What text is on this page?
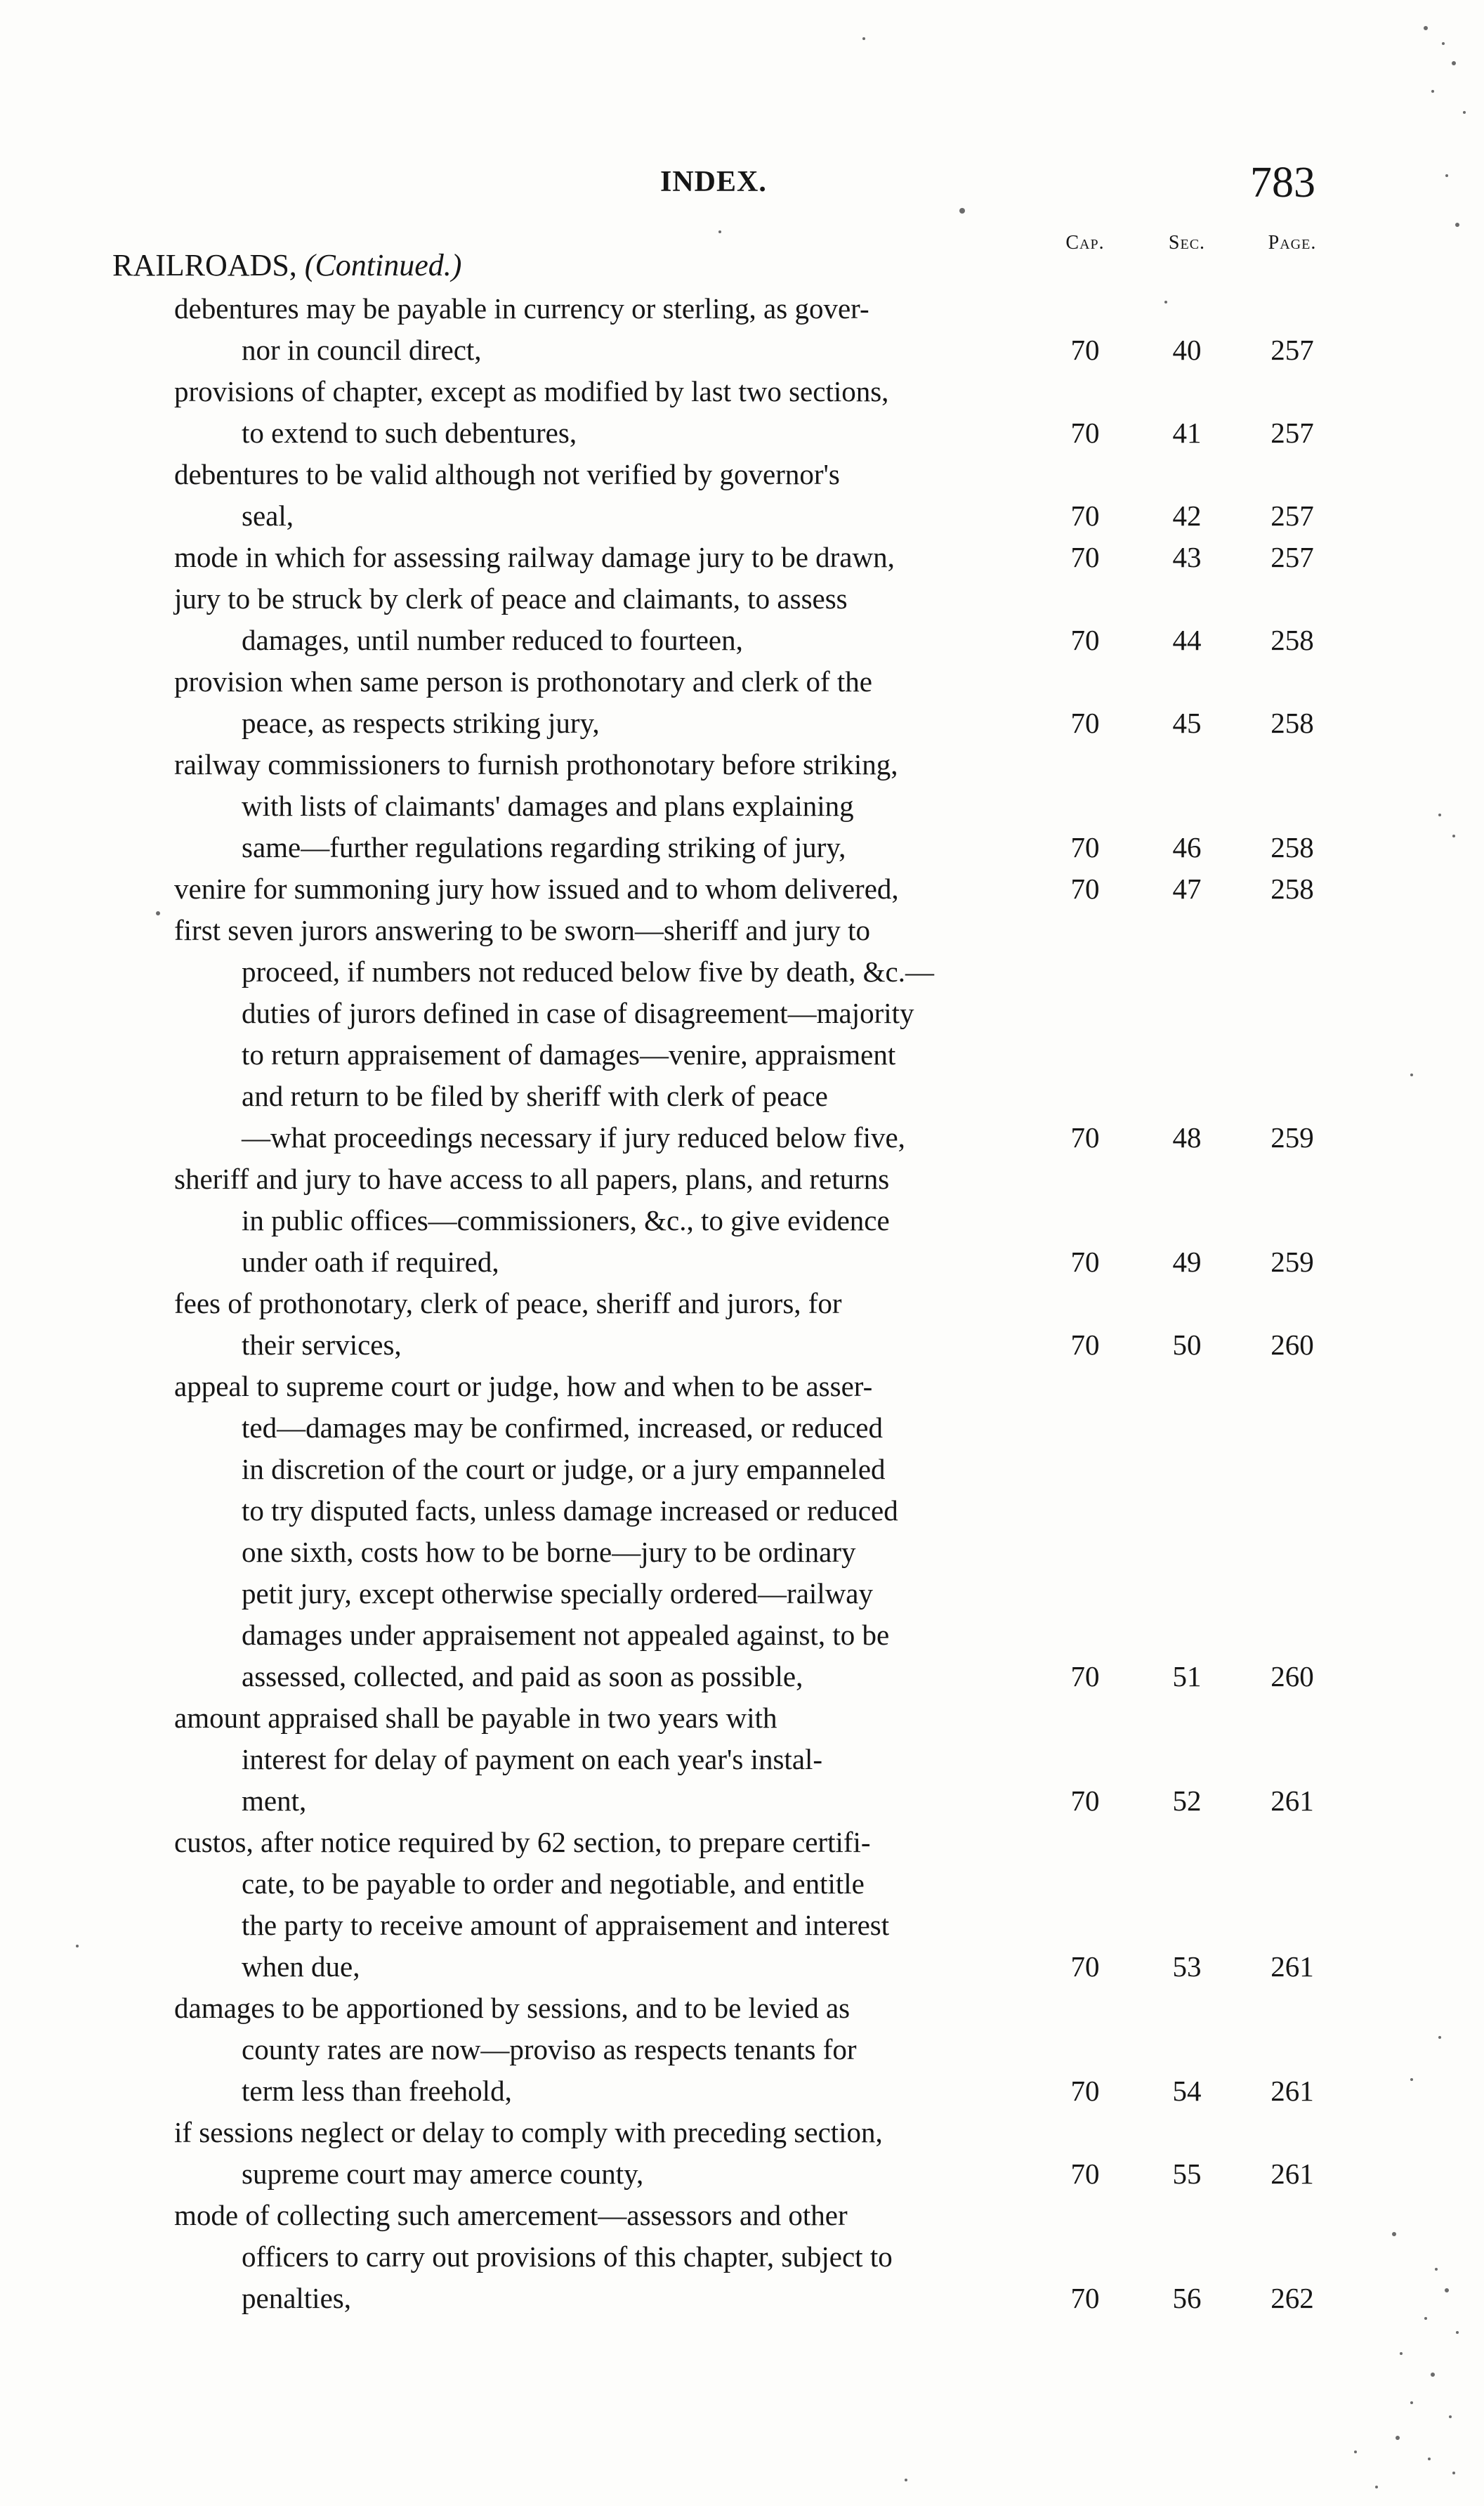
INDEX.	783
Cap.	Sec.	Page.
RAILROADS, (Continued.)
debentures may be payable in currency or sterling, as gover-
nor in council direct,	70	40	257
provisions of chapter, except as modified by last two sections,
to extend to such debentures,	70	41	257
debentures to be valid although not verified by governor's
seal,	70	42	257
mode in which for assessing railway damage jury to be drawn,	70	43	257
jury to be struck by clerk of peace and claimants, to assess
damages, until number reduced to fourteen,	70	44	258
provision when same person is prothonotary and clerk of the
peace, as respects striking jury,	70	45	258
railway commissioners to furnish prothonotary before striking,
with lists of claimants' damages and plans explaining
same—further regulations regarding striking of jury,	70	46	258
venire for summoning jury how issued and to whom delivered,	70	47	258
first seven jurors answering to be sworn—sheriff and jury to
proceed, if numbers not reduced below five by death, &c.—
duties of jurors defined in case of disagreement—majority
to return appraisement of damages—venire, appraisment
and return to be filed by sheriff with clerk of peace
—what proceedings necessary if jury reduced below five,	70	48	259
sheriff and jury to have access to all papers, plans, and returns
in public offices—commissioners, &c., to give evidence
under oath if required,	70	49	259
fees of prothonotary, clerk of peace, sheriff and jurors, for
their services,	70	50	260
appeal to supreme court or judge, how and when to be asser-
ted—damages may be confirmed, increased, or reduced
in discretion of the court or judge, or a jury empanneled
to try disputed facts, unless damage increased or reduced
one sixth, costs how to be borne—jury to be ordinary
petit jury, except otherwise specially ordered—railway
damages under appraisement not appealed against, to be
assessed, collected, and paid as soon as possible,	70	51	260
amount appraised shall be payable in two years with
interest for delay of payment on each year's instal-
ment,	70	52	261
custos, after notice required by 62 section, to prepare certifi-
cate, to be payable to order and negotiable, and entitle
the party to receive amount of appraisement and interest
when due,	70	53	261
damages to be apportioned by sessions, and to be levied as
county rates are now—proviso as respects tenants for
term less than freehold,	70	54	261
if sessions neglect or delay to comply with preceding section,
supreme court may amerce county,	70	55	261
mode of collecting such amercement—assessors and other
officers to carry out provisions of this chapter, subject to
penalties,	70	56	262
